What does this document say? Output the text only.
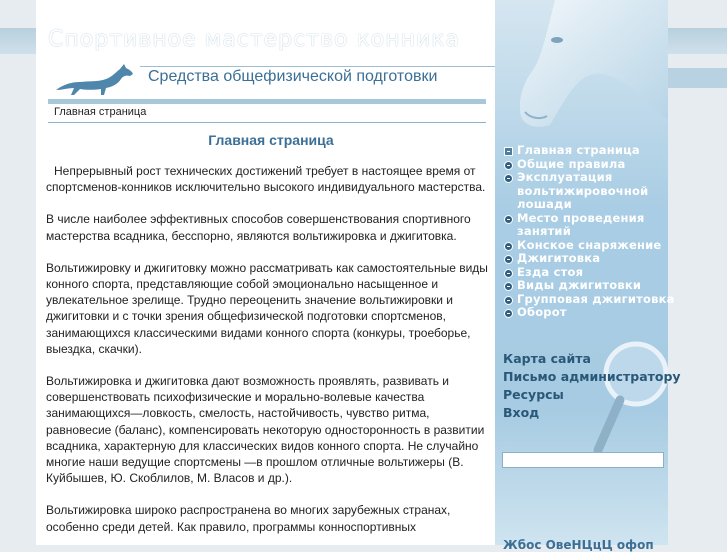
Спортивное мастерство конника
Средства общефизической подготовки
Главная страница
Главная страница

Непрерывный рост технических достижений требует в настоящее время от спортсменов-конников исключительно высокого индивидуального мастерства.

В числе наиболее эффективных способов совершенствования спортивного мастерства всадника, бесспорно, являются вольтижировка и джигитовка.

Вольтижировку и джигитовку можно рассматривать как самостоятельные виды конного спорта, представляющие собой эмоционально насыщенное и увлекательное зрелище. Трудно переоценить значение вольтижировки и джигитовки и с точки зрения общефизической подготовки спортсменов, занимающихся классическими видами конного спорта (конкуры, троеборье, выездка, скачки).

Вольтижировка и джигитовка дают возможность проявлять, развивать и совершенствовать психофизические и морально-волевые качества занимающихся—ловкость, смелость, настойчивость, чувство ритма, равновесие (баланс), компенсировать некоторую односторонность в развитии всадника, характерную для классических видов конного спорта. Не случайно многие наши ведущие спортсмены —в прошлом отличные вольтижеры (В. Куйбышев, Ю. Скоблилов, М. Власов и др.).

Вольтижировка широко распространена во многих зарубежных странах, особенно среди детей. Как правило, программы конноспортивных

Главная страница
Общие правила
Эксплуатация вольтижировочной лошади
Место проведения занятий
Конское снаряжение
Джигитовка
Езда стоя
Виды джигитовки
Групповая джигитовка
Оборот
Карта сайта
Письмо администратору
Ресурсы
Вход
Жбос ОвеНЦцЦ офоп
